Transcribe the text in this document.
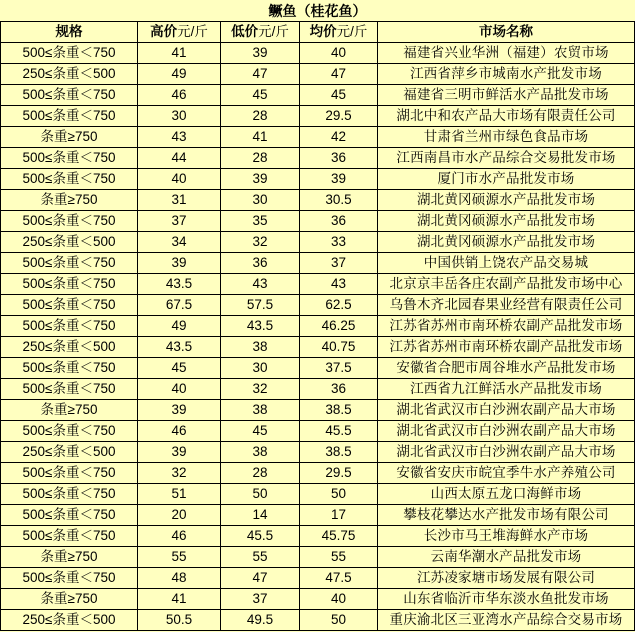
鳜鱼（桂花鱼）				
规格	高价元/斤	低价元/斤	均价元/斤	市场名称
500≤条重＜750	41	39	40	福建省兴业华洲（福建）农贸市场
250≤条重＜500	49	47	47	江西省萍乡市城南水产批发市场
500≤条重＜750	46	45	45	福建省三明市鲜活水产品批发市场
500≤条重＜750	30	28	29.5	湖北中和农产品大市场有限责任公司
条重≥750	43	41	42	甘肃省兰州市绿色食品市场
500≤条重＜750	44	28	36	江西南昌市水产品综合交易批发市场
500≤条重＜750	40	39	39	厦门市水产品批发市场
条重≥750	31	30	30.5	湖北黄冈硕源水产品批发市场
500≤条重＜750	37	35	36	湖北黄冈硕源水产品批发市场
250≤条重＜500	34	32	33	湖北黄冈硕源水产品批发市场
500≤条重＜750	39	36	37	中国供销上饶农产品交易城
500≤条重＜750	43.5	43	43	北京京丰岳各庄农副产品批发市场中心
500≤条重＜750	67.5	57.5	62.5	乌鲁木齐北园春果业经营有限责任公司
500≤条重＜750	49	43.5	46.25	江苏省苏州市南环桥农副产品批发市场
250≤条重＜500	43.5	38	40.75	江苏省苏州市南环桥农副产品批发市场
500≤条重＜750	45	30	37.5	安徽省合肥市周谷堆水产品批发市场
500≤条重＜750	40	32	36	江西省九江鲜活水产品批发市场
条重≥750	39	38	38.5	湖北省武汉市白沙洲农副产品大市场
500≤条重＜750	46	45	45.5	湖北省武汉市白沙洲农副产品大市场
250≤条重＜500	39	38	38.5	湖北省武汉市白沙洲农副产品大市场
500≤条重＜750	32	28	29.5	安徽省安庆市皖宜季牛水产养殖公司
500≤条重＜750	51	50	50	山西太原五龙口海鲜市场
500≤条重＜750	20	14	17	攀枝花攀达水产批发市场有限公司
500≤条重＜750	46	45.5	45.75	长沙市马王堆海鲜水产市场
条重≥750	55	55	55	云南华潮水产品批发市场
500≤条重＜750	48	47	47.5	江苏凌家塘市场发展有限公司
条重≥750	41	37	40	山东省临沂市华东淡水鱼批发市场
250≤条重＜500	50.5	49.5	50	重庆渝北区三亚湾水产品综合交易市场
